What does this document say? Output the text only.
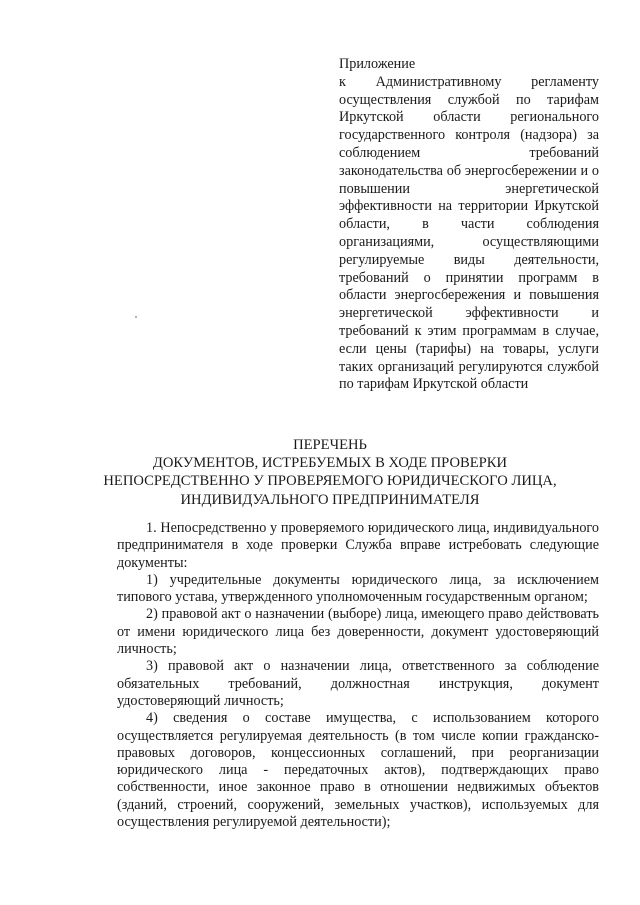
Приложение

к Административному регламенту осуществления службой по тарифам Иркутской области регионального государственного контроля (надзора) за соблюдением требований законодательства об энергосбережении и о повышении энергетической эффективности на территории Иркутской области, в части соблюдения организациями, осуществляющими регулируемые виды деятельности, требований о принятии программ в области энергосбережения и повышения энергетической эффективности и требований к этим программам в случае, если цены (тарифы) на товары, услуги таких организаций регулируются службой по тарифам Иркутской области

ПЕРЕЧЕНЬ
ДОКУМЕНТОВ, ИСТРЕБУЕМЫХ В ХОДЕ ПРОВЕРКИ
НЕПОСРЕДСТВЕННО У ПРОВЕРЯЕМОГО ЮРИДИЧЕСКОГО ЛИЦА,
ИНДИВИДУАЛЬНОГО ПРЕДПРИНИМАТЕЛЯ

1. Непосредственно у проверяемого юридического лица, индивидуального предпринимателя в ходе проверки Служба вправе истребовать следующие документы:

1) учредительные документы юридического лица, за исключением типового устава, утвержденного уполномоченным государственным органом;

2) правовой акт о назначении (выборе) лица, имеющего право действовать от имени юридического лица без доверенности, документ удостоверяющий личность;

3) правовой акт о назначении лица, ответственного за соблюдение обязательных требований, должностная инструкция, документ удостоверяющий личность;

4) сведения о составе имущества, с использованием которого осуществляется регулируемая деятельность (в том числе копии гражданско-правовых договоров, концессионных соглашений, при реорганизации юридического лица - передаточных актов), подтверждающих право собственности, иное законное право в отношении недвижимых объектов (зданий, строений, сооружений, земельных участков), используемых для осуществления регулируемой деятельности);
